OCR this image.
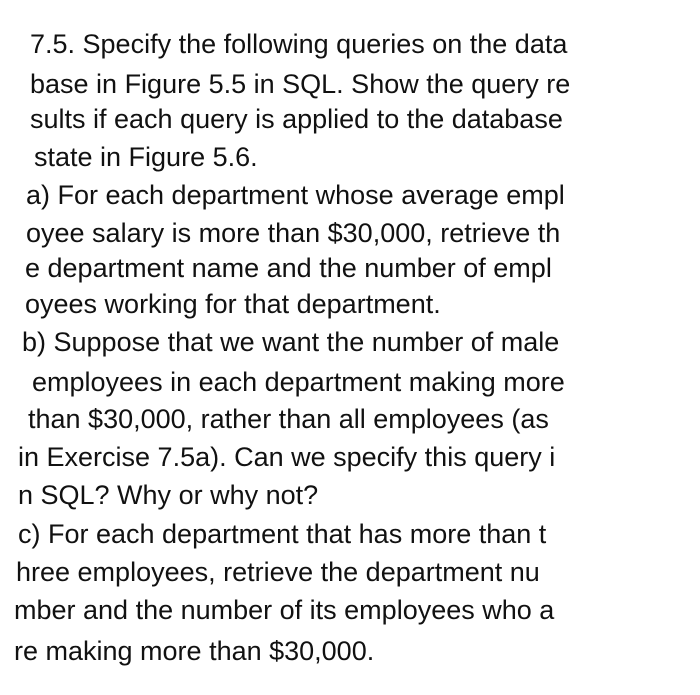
7.5. Specify the following queries on the data
base in Figure 5.5 in SQL. Show the query re
sults if each query is applied to the database
state in Figure 5.6.
a) For each department whose average empl
oyee salary is more than $30,000, retrieve th
e department name and the number of empl
oyees working for that department.
b) Suppose that we want the number of male
employees in each department making more
than $30,000, rather than all employees (as
in Exercise 7.5a). Can we specify this query i
n SQL? Why or why not?
c) For each department that has more than t
hree employees, retrieve the department nu
mber and the number of its employees who a
re making more than $30,000.
